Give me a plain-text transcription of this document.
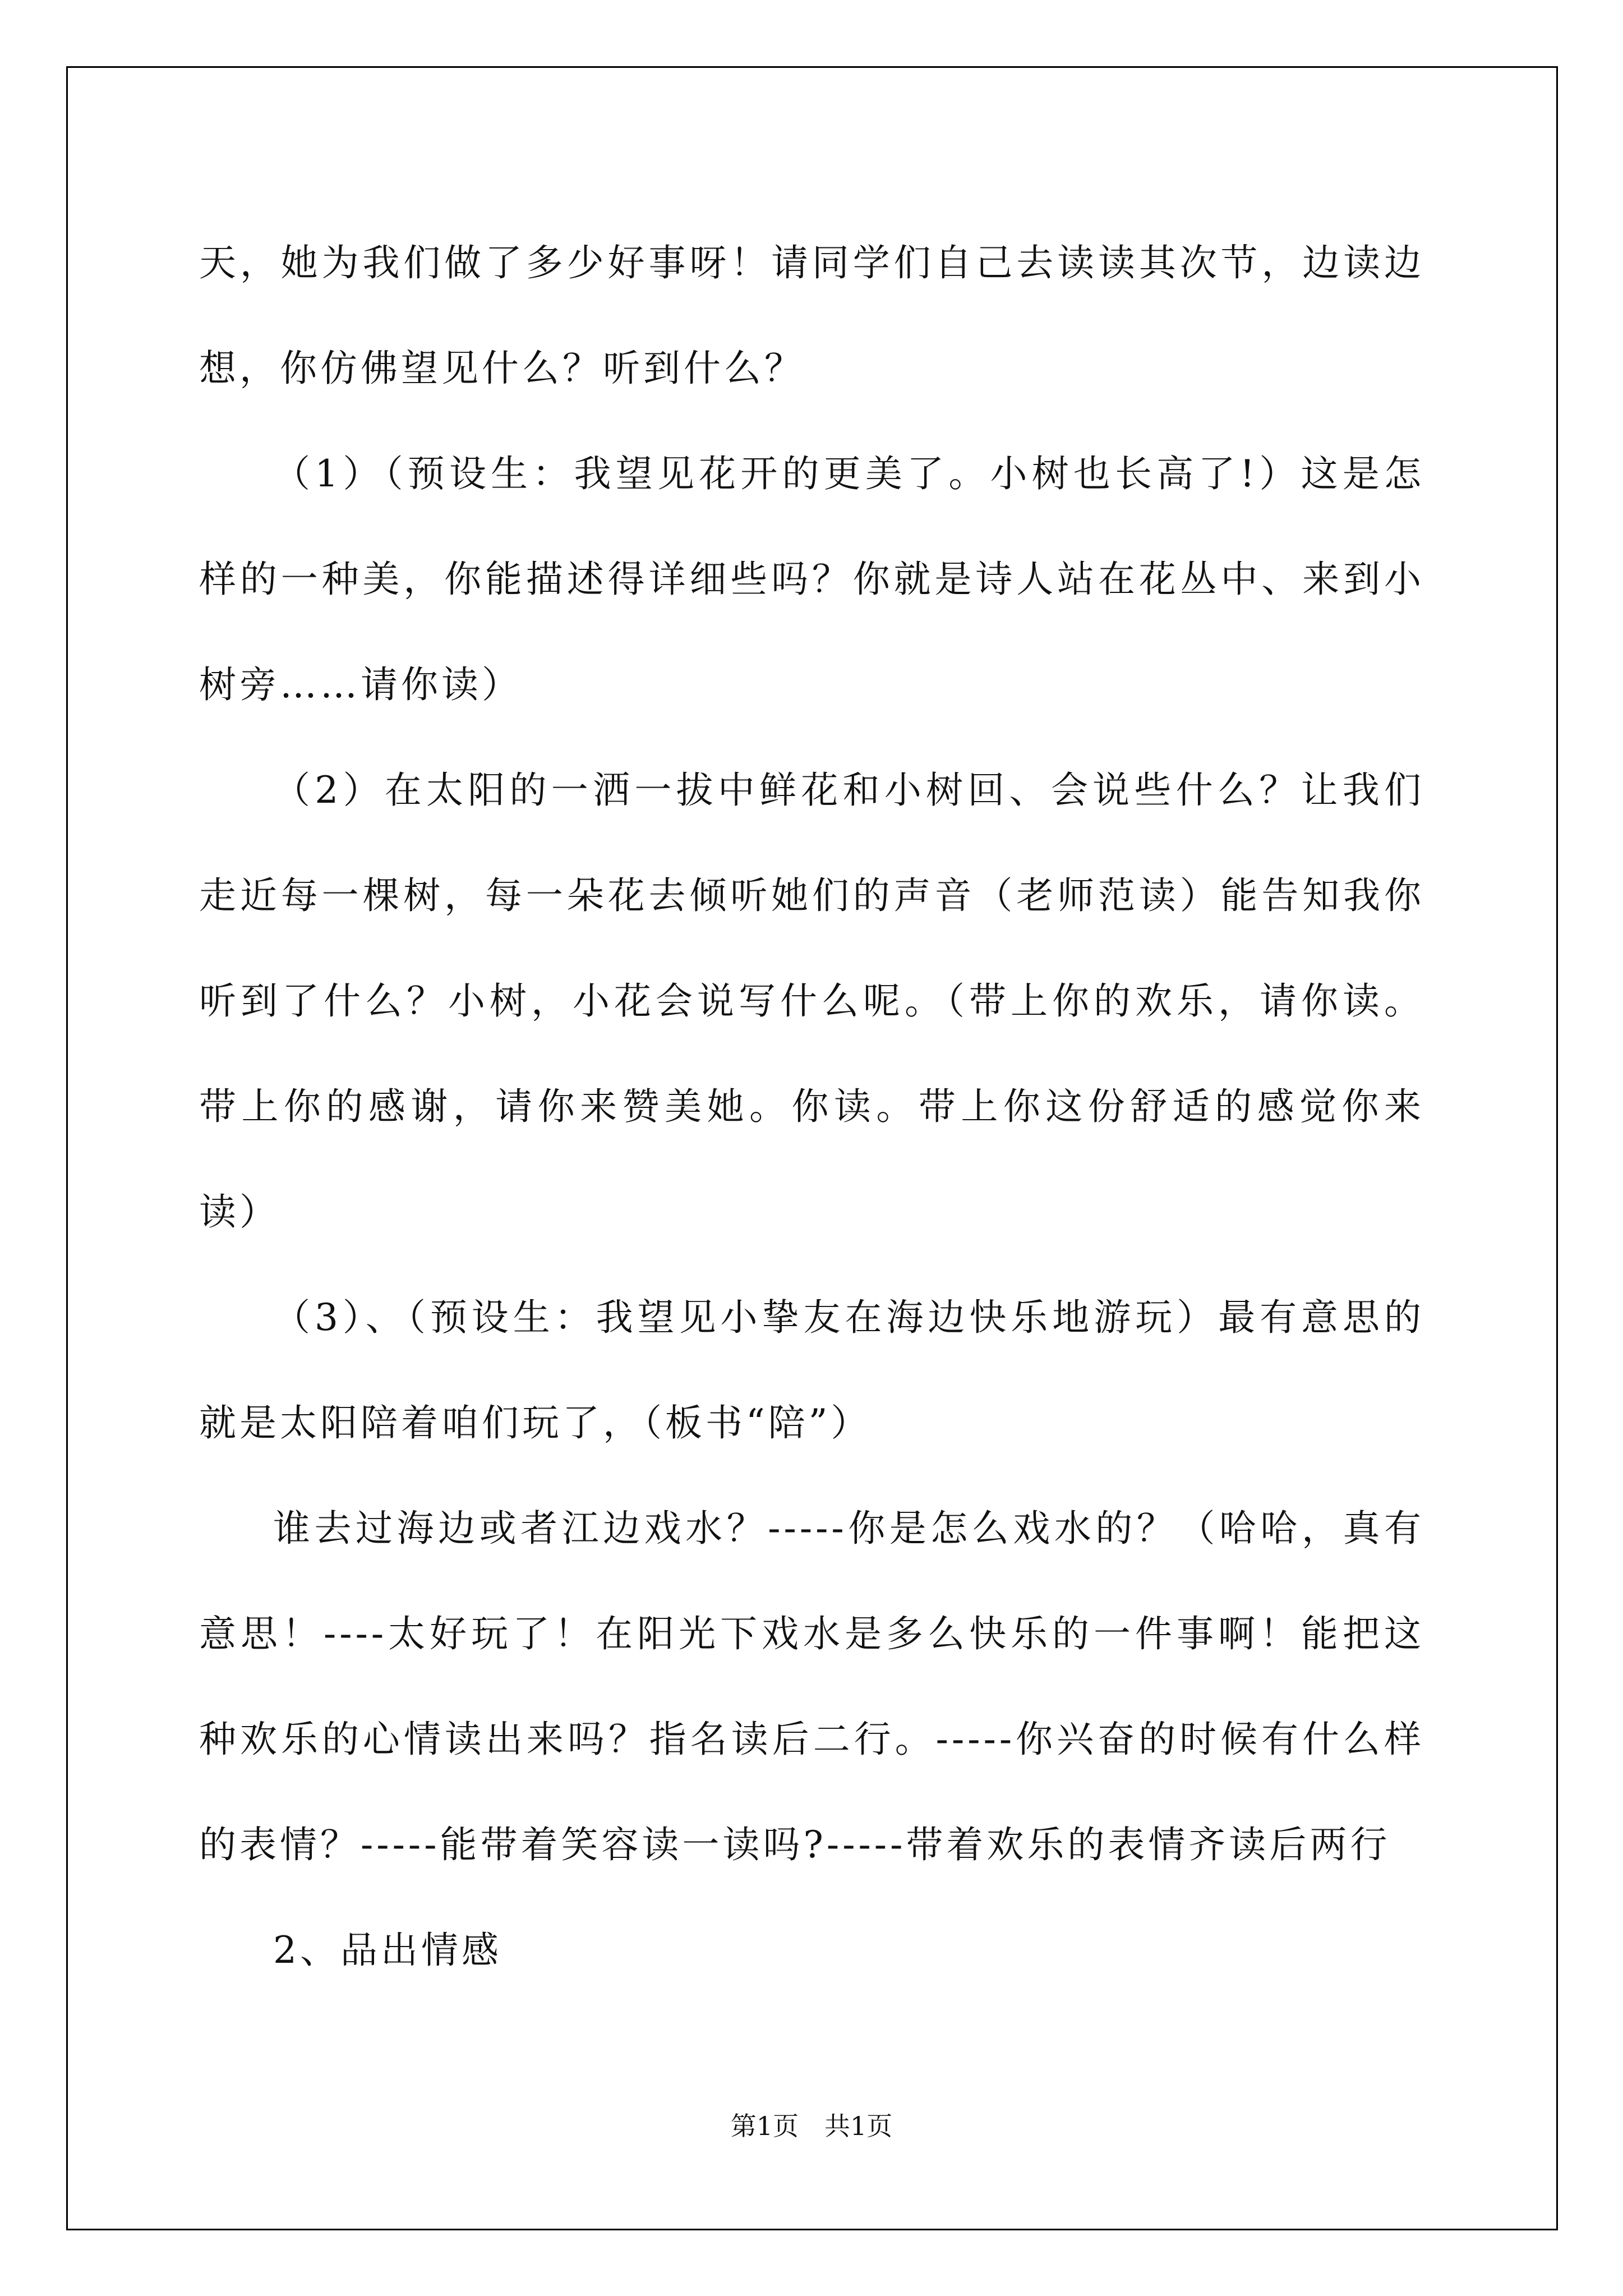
天，她为我们做了多少好事呀！请同学们自己去读读其次节，边读边想，你仿佛望见什么？听到什么？

（1）（预设生：我望见花开的更美了。小树也长高了!）这是怎样的一种美，你能描述得详细些吗？你就是诗人站在花丛中、来到小树旁……请你读）

（2）在太阳的一洒一拔中鲜花和小树回、会说些什么？让我们走近每一棵树，每一朵花去倾听她们的声音（老师范读）能告知我你听到了什么？小树，小花会说写什么呢。（带上你的欢乐，请你读。带上你的感谢，请你来赞美她。你读。带上你这份舒适的感觉你来读）

（3）、（预设生：我望见小挚友在海边快乐地游玩）最有意思的就是太阳陪着咱们玩了，（板书“陪”）

谁去过海边或者江边戏水？-----你是怎么戏水的？（哈哈，真有意思！----太好玩了！在阳光下戏水是多么快乐的一件事啊！能把这种欢乐的心情读出来吗？指名读后二行。-----你兴奋的时候有什么样的表情？-----能带着笑容读一读吗?-----带着欢乐的表情齐读后两行

2、品出情感

第1页　共1页
